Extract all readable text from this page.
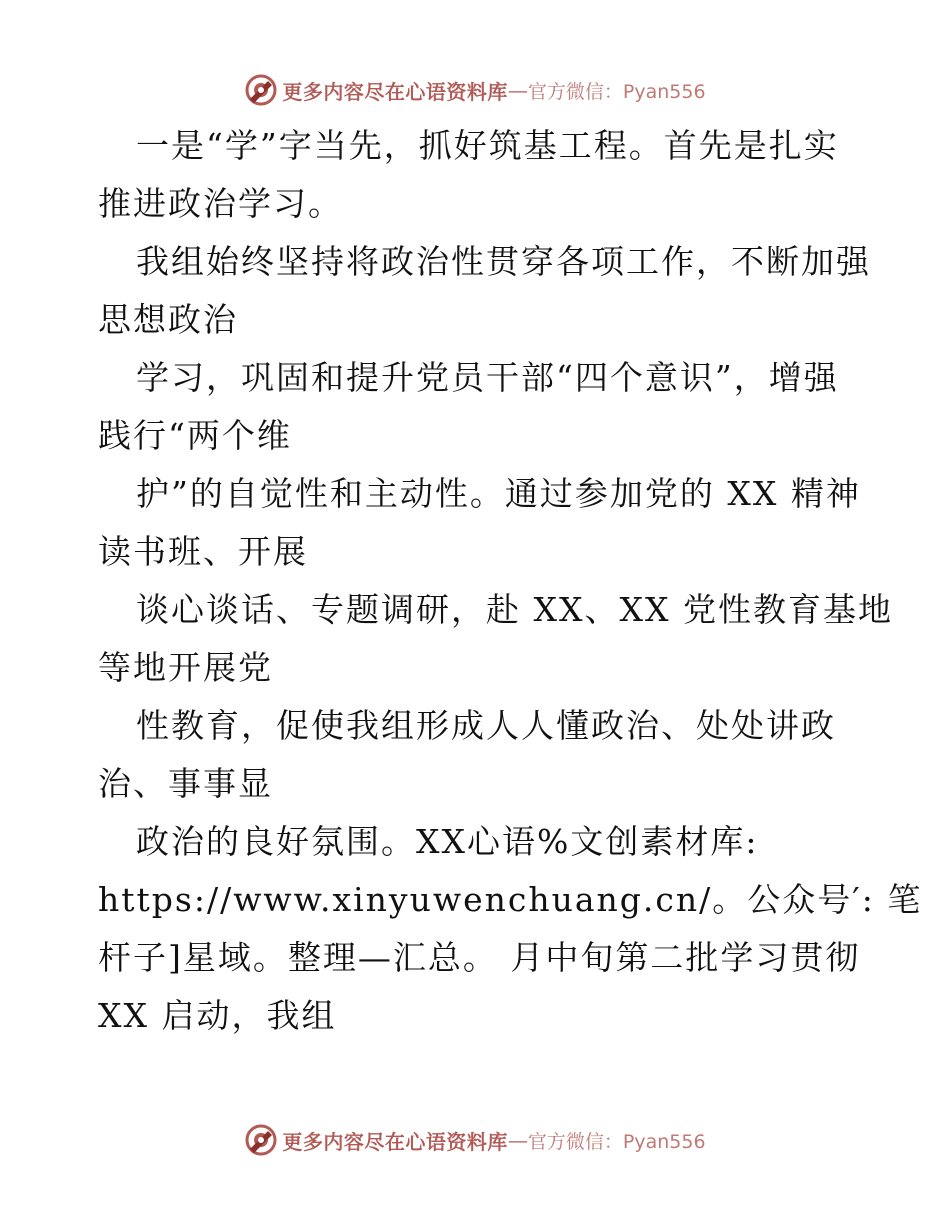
更多内容尽在心语资料库 — 官方微信：Pyan556
一是“学”字当先，抓好筑基工程。首先是扎实
推进政治学习。
我组始终坚持将政治性贯穿各项工作，不断加强
思想政治
学习，巩固和提升党员干部“四个意识”，增强
践行“两个维
护”的自觉性和主动性。通过参加党的 XX 精神
读书班、开展
谈心谈话、专题调研，赴 XX、XX 党性教育基地
等地开展党
性教育，促使我组形成人人懂政治、处处讲政
治、事事显
政治的良好氛围。XX心语%文创素材库:
https://www.xinyuwenchuang.cn/。公众号′: 笔
杆子]星域。整理—汇总。 月中旬第二批学习贯彻
XX 启动，我组
更多内容尽在心语资料库 — 官方微信：Pyan556
